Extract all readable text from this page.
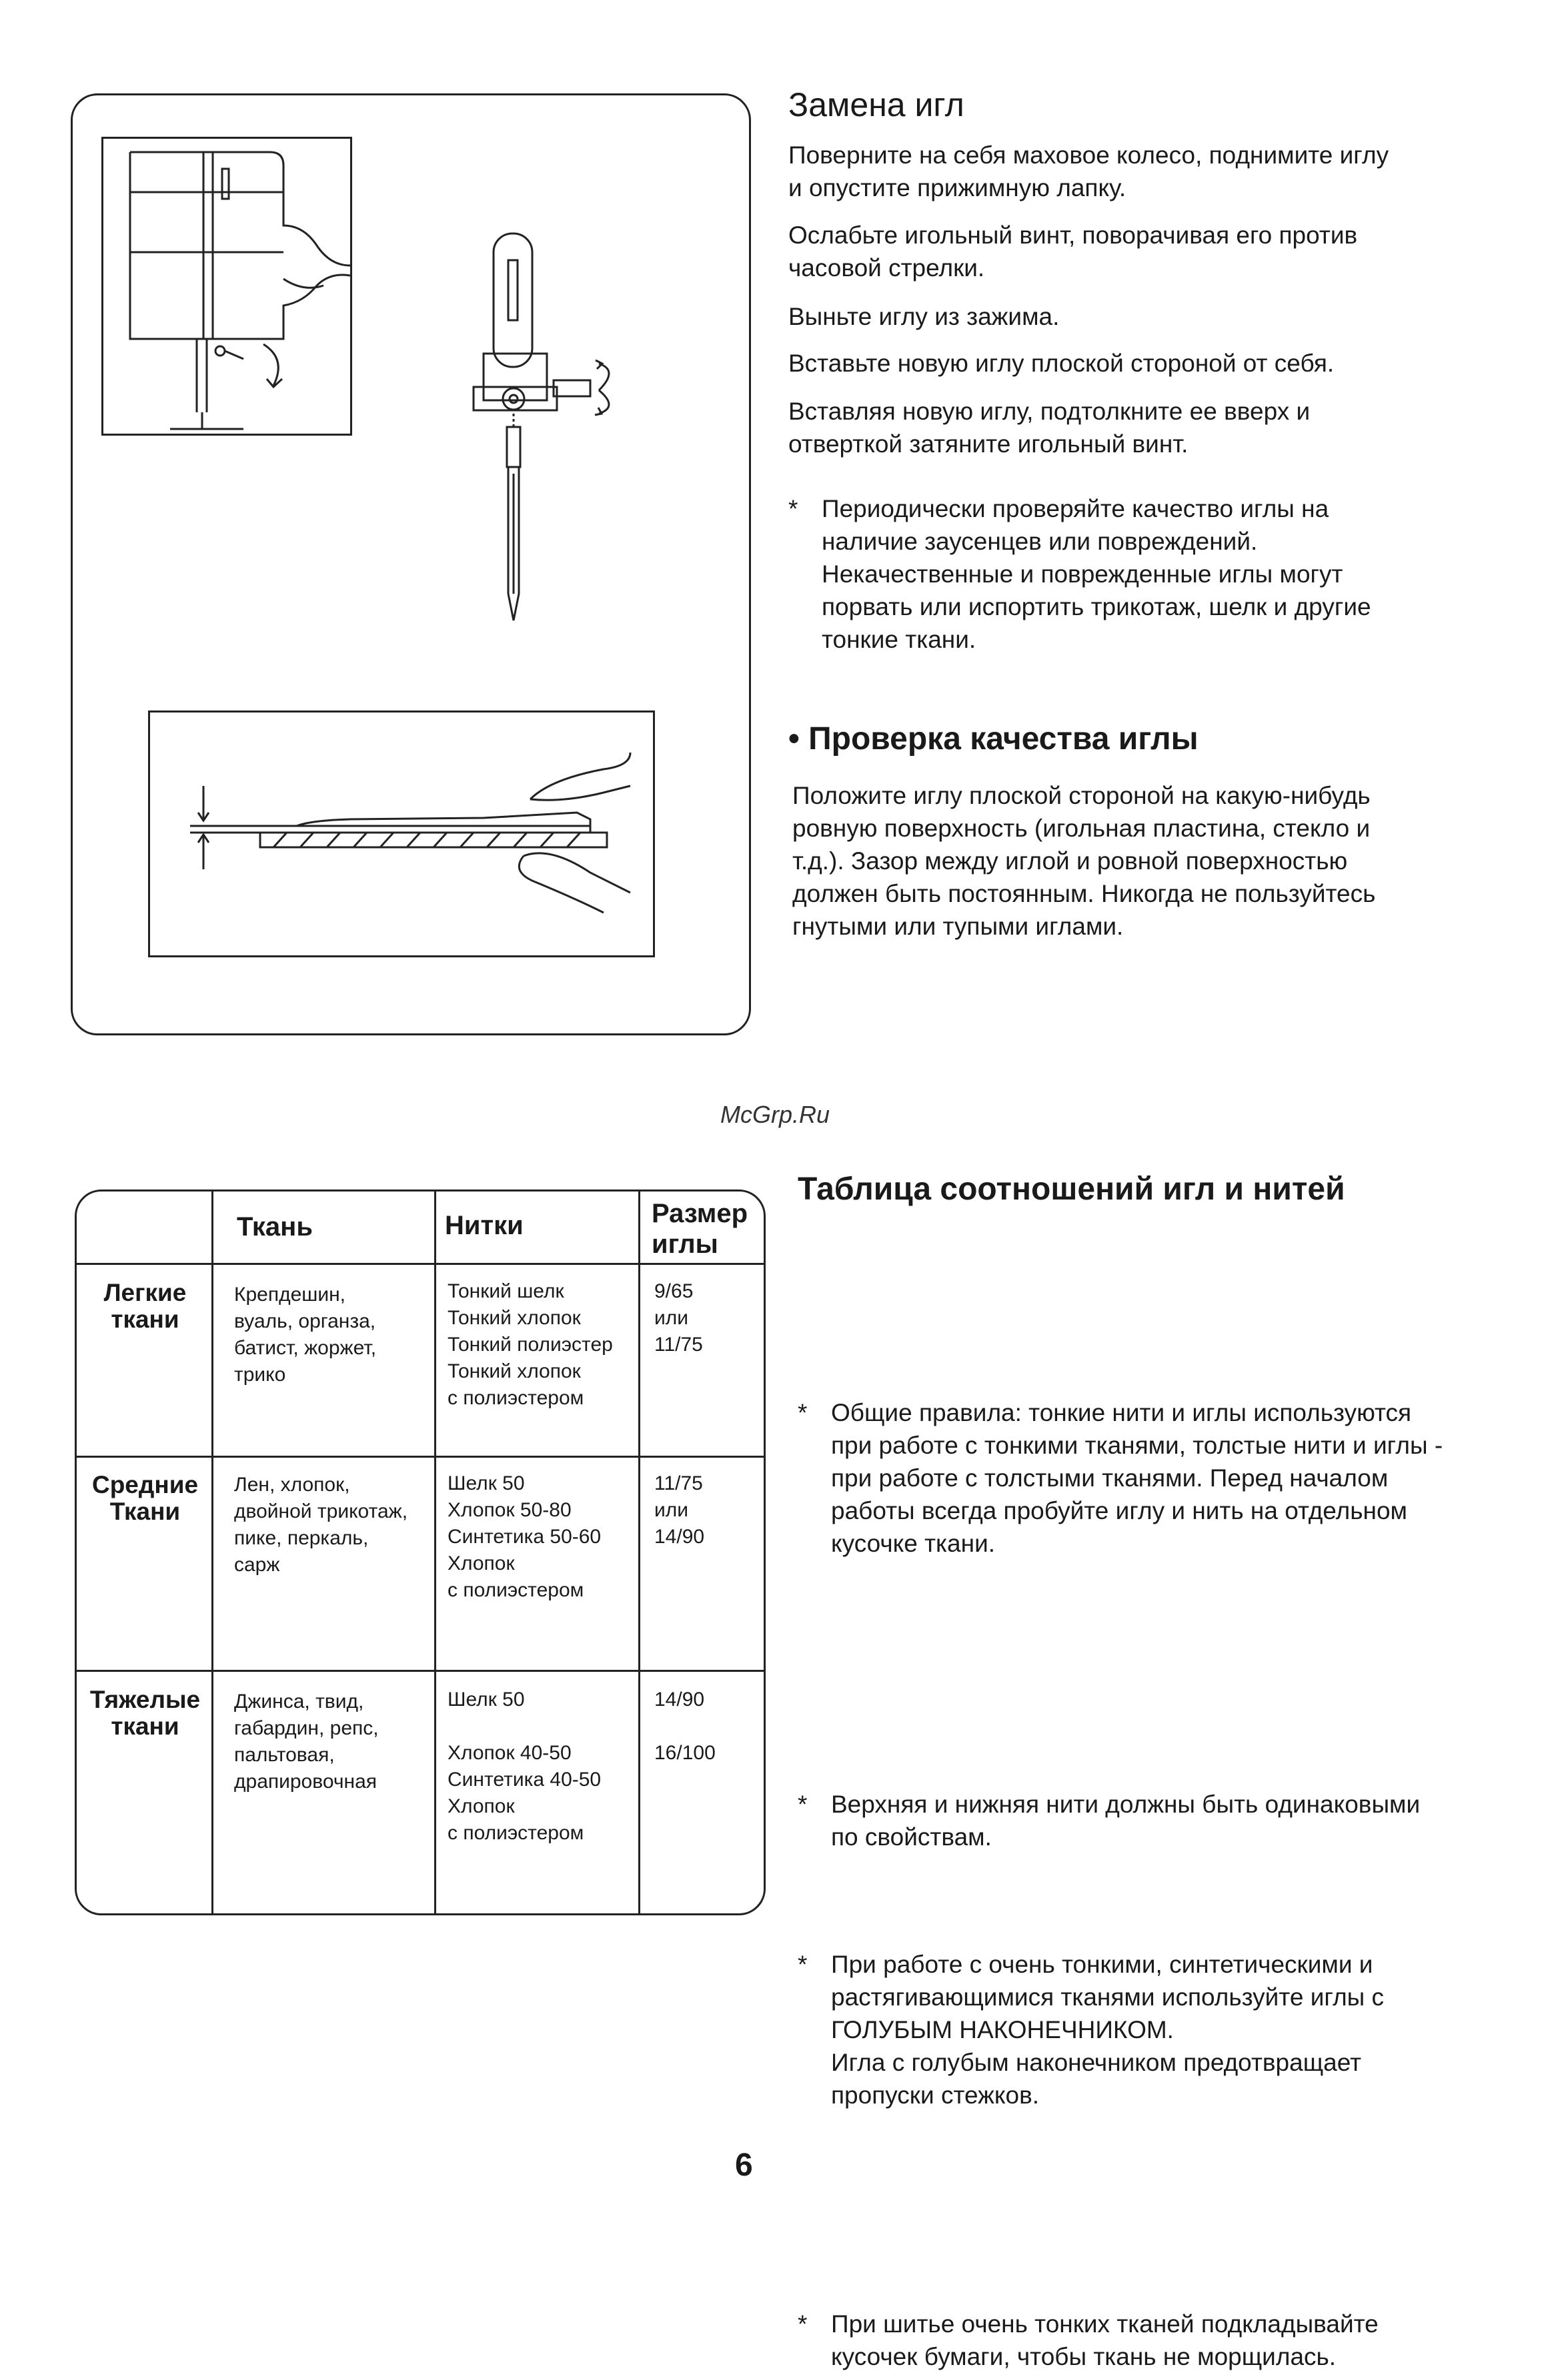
Замена игл

Поверните на себя маховое колесо, поднимите иглу и опустите прижимную лапку.

Ослабьте игольный винт, поворачивая его против часовой стрелки.

Выньте иглу из зажима.

Вставьте новую иглу плоской стороной от себя.

Вставляя новую иглу, подтолкните ее вверх и отверткой затяните игольный винт.

* Периодически проверяйте качество иглы на наличие заусенцев или повреждений. Некачественные и поврежденные иглы могут порвать или испортить трикотаж, шелк и другие тонкие ткани.
• Проверка качества иглы

Положите иглу плоской стороной на какую-нибудь ровную поверхность (игольная пластина, стекло и т.д.). Зазор между иглой и ровной поверхностью должен быть постоянным. Никогда не пользуйтесь гнутыми или тупыми иглами.

McGrp.Ru
Ткань	Нитки	Размер иглы
Легкие ткани
Крепдешин,
вуаль, органза,
батист, жоржет,
трико
Тонкий шелк
Тонкий хлопок
Тонкий полиэстер
Тонкий хлопок
с полиэстером
9/65
или
11/75
Средние Ткани
Лен, хлопок,
двойной трикотаж,
пике, перкаль,
сарж​
Шелк 50
Хлопок 50-80
Синтетика 50-60
Хлопок
с полиэстером
11/75
или
14/90
Тяжелые ткани
Джинса, твид,
габардин, репс,
пальтовая,
драпировочная
Шелк 50
Хлопок 40-50
Синтетика 40-50
Хлопок
с полиэстером
14/90
16/100
Таблица соотношений игл и нитей
* Общие правила: тонкие нити и иглы используются при работе с тонкими тканями, толстые нити и иглы - при работе с толстыми тканями. Перед началом работы всегда пробуйте иглу и нить на отдельном кусочке ткани.
* Верхняя и нижняя нити должны быть одинаковыми по свойствам.
* При работе с очень тонкими, синтетическими и растягивающимися тканями используйте иглы с ГОЛУБЫМ НАКОНЕЧНИКОМ.
Игла с голубым наконечником предотвращает пропуски стежков.
* При шитье очень тонких тканей подкладывайте кусочек бумаги, чтобы ткань не морщилась.
6
